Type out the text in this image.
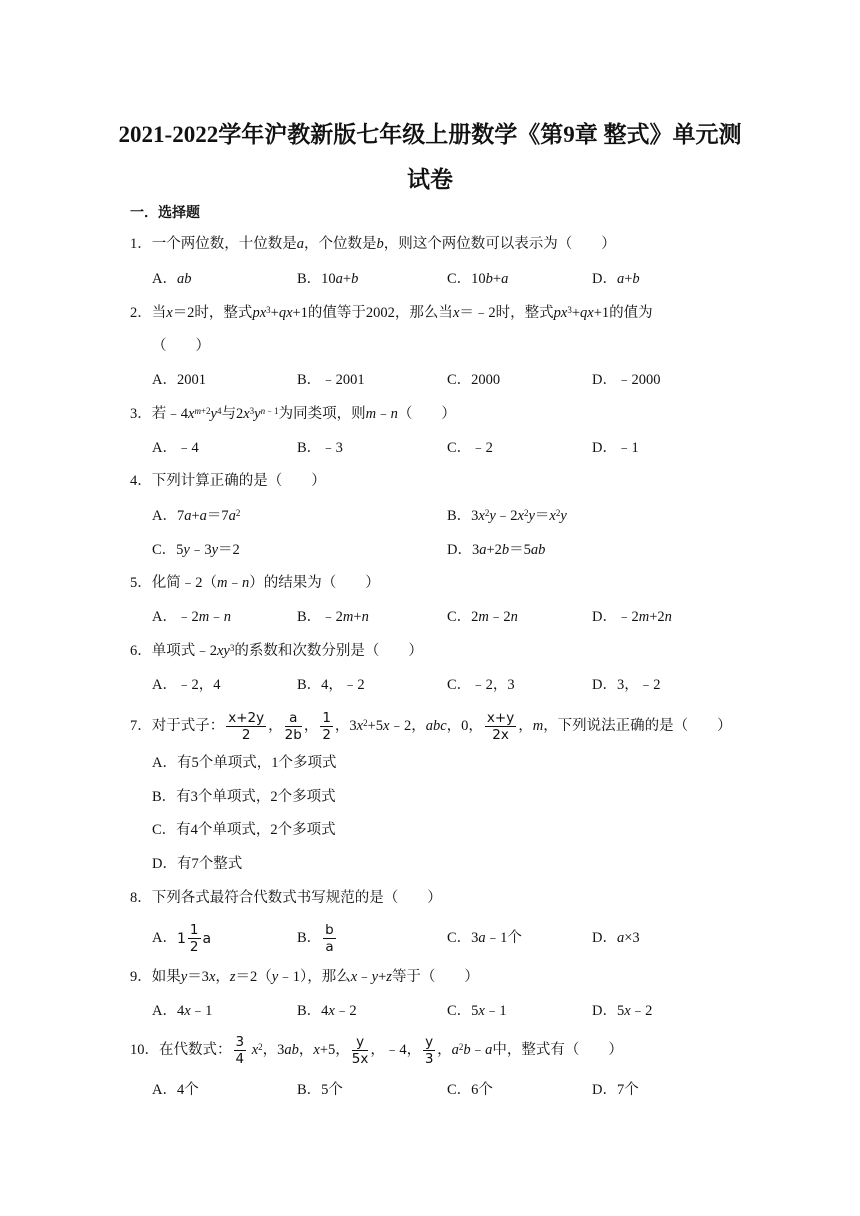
2021-2022学年沪教新版七年级上册数学《第9章 整式》单元测
试卷
一．选择题
1．一个两位数，十位数是a，个位数是b，则这个两位数可以表示为（　　）
A．ab	B．10a+b	C．10b+a	D．a+b
2．当x＝2时，整式$px^3+qx+1$的值等于2002，那么当x＝﹣2时，整式$px^3+qx+1$的值为
（　　）
A．2001	B．﹣2001	C．2000	D．﹣2000
3．若$﹣4x^{m+2}y^4$与$2x^3y^{n﹣1}$为同类项，则m﹣n（　　）
A．﹣4	B．﹣3	C．﹣2	D．﹣1
4．下列计算正确的是（　　）
A．$7a+a=7a^2$	B．$3x^2y﹣2x^2y=x^2y$
C．5y﹣3y＝2	D．3a+2b＝5ab
5．化简﹣2（m﹣n）的结果为（　　）
A．﹣2m﹣n	B．﹣2m+n	C．2m﹣2n	D．﹣2m+2n
6．单项式$﹣2xy^3$的系数和次数分别是（　　）
A．﹣2，4	B．4，﹣2	C．﹣2，3	D．3，﹣2
7．对于式子： $\frac{x+2y}{2}$ ， $\frac{a}{2b}$ ， $\frac{1}{2}$ ，$3x^2+5x﹣2$，abc，0， $\frac{x+y}{2x}$ ，m，下列说法正确的是（　　）
A．有5个单项式，1个多项式
B．有3个单项式，2个多项式
C．有4个单项式，2个多项式
D．有7个整式
8．下列各式最符合代数式书写规范的是（　　）
A．$1 \frac{1}{2}$ a	B． $\frac{b}{a}$	C．3a﹣1个	D．a×3
9．如果y＝3x，z＝2（y﹣1），那么x﹣y+z等于（　　）
A．4x﹣1	B．4x﹣2	C．5x﹣1	D．5x﹣2
10．在代数式： $\frac{3}{4} x^2$，3ab，x+5， $\frac{y}{5x}$ ，﹣4， $\frac{y}{3}$ ，$a^2b﹣a$中，整式有（　　）
A．4个	B．5个	C．6个	D．7个
